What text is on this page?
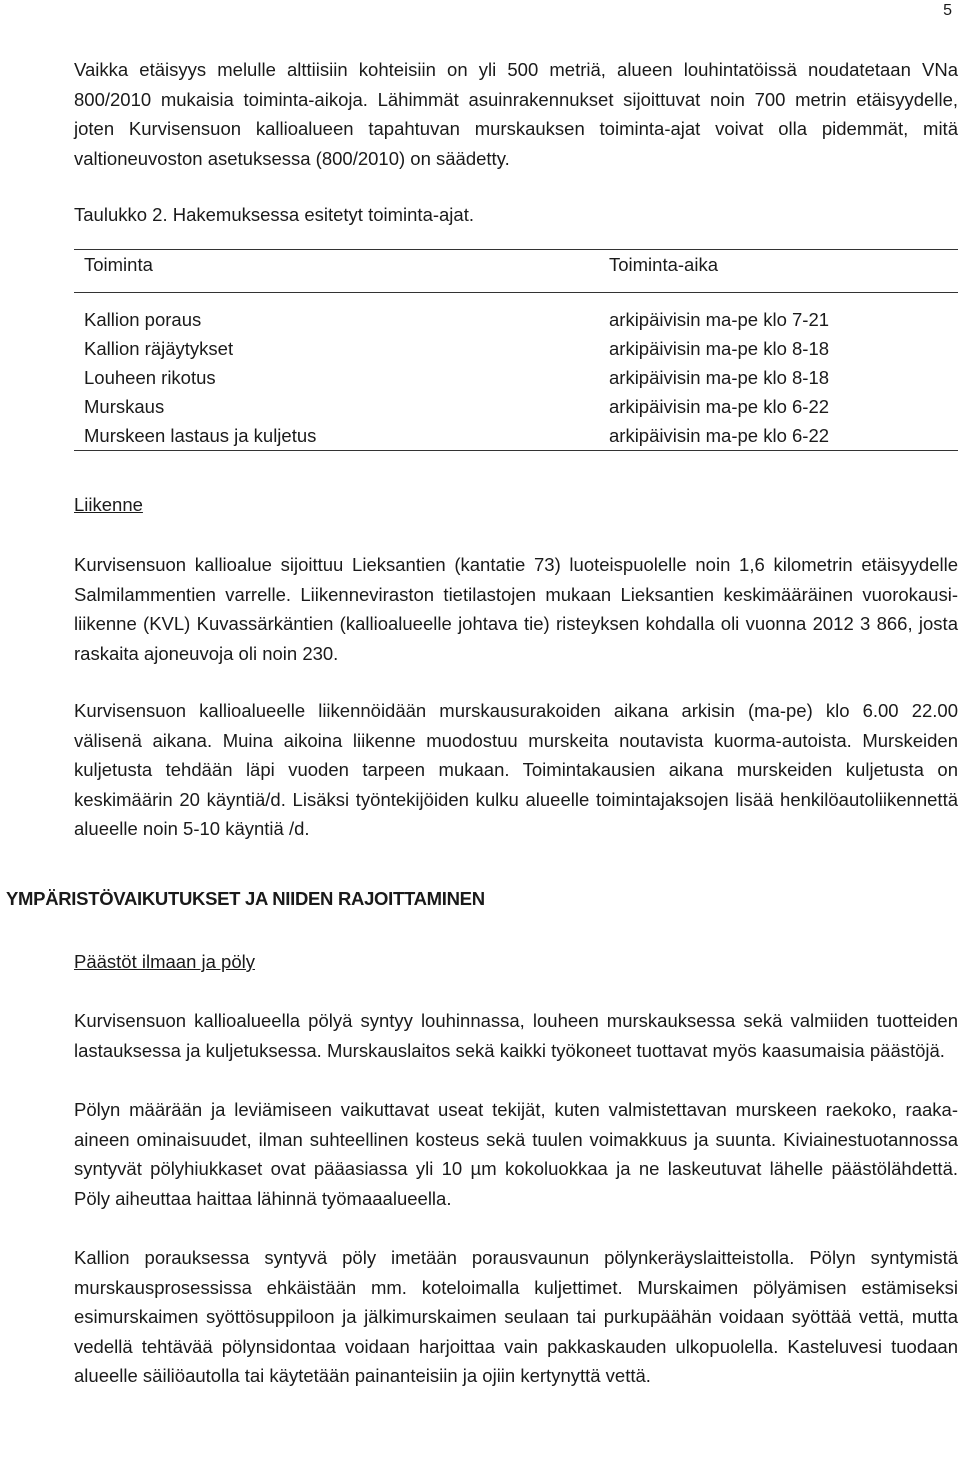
5

Vaikka etäisyys melulle alttiisiin kohteisiin on yli 500 metriä, alueen louhintatöissä noudatetaan VNa 800/2010 mukaisia toiminta-aikoja. Lähimmät asuinrakennukset sijoittuvat noin 700 metrin etäisyydelle, joten Kurvisensuon kallioalueen tapahtuvan murskauksen toiminta-ajat voivat olla pidemmät, mitä valtioneuvoston asetuksessa (800/2010) on säädetty.

Taulukko 2. Hakemuksessa esitetyt toiminta-ajat.

Toiminta	Toiminta-aika
Kallion poraus	arkipäivisin ma-pe klo 7-21
Kallion räjäytykset	arkipäivisin ma-pe klo 8-18
Louheen rikotus	arkipäivisin ma-pe klo 8-18
Murskaus	arkipäivisin ma-pe klo 6-22
Murskeen lastaus ja kuljetus	arkipäivisin ma-pe klo 6-22

Liikenne

Kurvisensuon kallioalue sijoittuu Lieksantien (kantatie 73) luoteispuolelle noin 1,6 kilometrin etäisyydelle Salmilammentien varrelle. Liikenneviraston tietilastojen mukaan Lieksantien keskimääräinen vuorokausi-liikenne (KVL) Kuvassärkäntien (kallioalueelle johtava tie) risteyksen kohdalla oli vuonna 2012 3 866, josta raskaita ajoneuvoja oli noin 230.

Kurvisensuon kallioalueelle liikennöidään murskausurakoiden aikana arkisin (ma-pe) klo 6.00 22.00 välisenä aikana. Muina aikoina liikenne muodostuu murskeita noutavista kuorma-autoista. Murskeiden kuljetusta tehdään läpi vuoden tarpeen mukaan. Toimintakausien aikana murskeiden kuljetusta on keskimäärin 20 käyntiä/d. Lisäksi työntekijöiden kulku alueelle toimintajaksojen lisää henkilöautoliikennettä alueelle noin 5-10 käyntiä /d.

YMPÄRISTÖVAIKUTUKSET JA NIIDEN RAJOITTAMINEN

Päästöt ilmaan ja pöly

Kurvisensuon kallioalueella pölyä syntyy louhinnassa, louheen murskauksessa sekä valmiiden tuotteiden lastauksessa ja kuljetuksessa. Murskauslaitos sekä kaikki työkoneet tuottavat myös kaasumaisia päästöjä.

Pölyn määrään ja leviämiseen vaikuttavat useat tekijät, kuten valmistettavan murskeen raekoko, raaka-aineen ominaisuudet, ilman suhteellinen kosteus sekä tuulen voimakkuus ja suunta. Kiviainestuotannossa syntyvät pölyhiukkaset ovat pääasiassa yli 10 µm kokoluokkaa ja ne laskeutuvat lähelle päästölähdettä. Pöly aiheuttaa haittaa lähinnä työmaaalueella.

Kallion porauksessa syntyvä pöly imetään porausvaunun pölynkeräyslaitteistolla. Pölyn syntymistä murskausprosessissa ehkäistään mm. koteloimalla kuljettimet. Murskaimen pölyämisen estämiseksi esimurskaimen syöttösuppiloon ja jälkimurskaimen seulaan tai purkupäähän voidaan syöttää vettä, mutta vedellä tehtävää pölynsidontaa voidaan harjoittaa vain pakkaskauden ulkopuolella. Kasteluvesi tuodaan alueelle säiliöautolla tai käytetään painanteisiin ja ojiin kertynyttä vettä.
